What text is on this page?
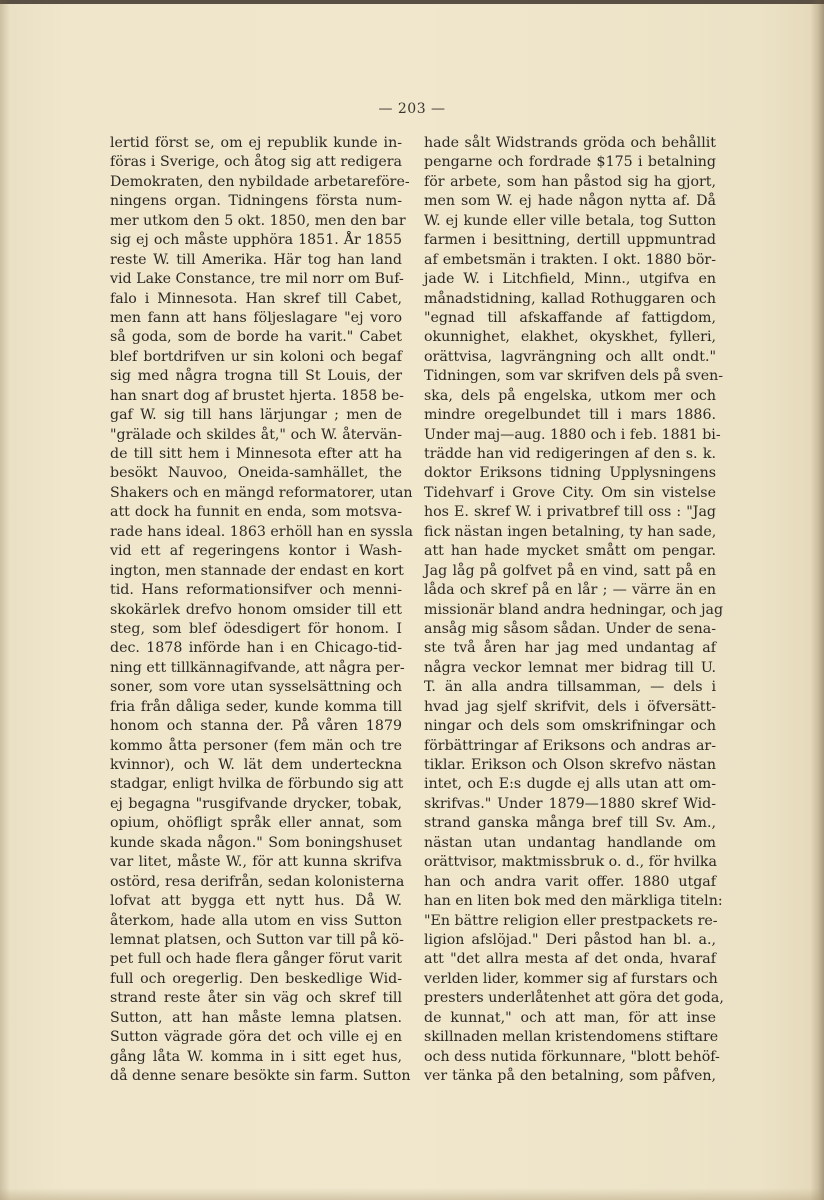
— 203 —
lertid först se, om ej republik kunde in-
föras i Sverige, och åtog sig att redigera
Demokraten, den nybildade arbetareföre-
ningens organ. Tidningens första num-
mer utkom den 5 okt. 1850, men den bar
sig ej och måste upphöra 1851. År 1855
reste W. till Amerika. Här tog han land
vid Lake Constance, tre mil norr om Buf-
falo i Minnesota. Han skref till Cabet,
men fann att hans följeslagare "ej voro
så goda, som de borde ha varit." Cabet
blef bortdrifven ur sin koloni och begaf
sig med några trogna till St Louis, der
han snart dog af brustet hjerta. 1858 be-
gaf W. sig till hans lärjungar ; men de
"grälade och skildes åt," och W. återvän-
de till sitt hem i Minnesota efter att ha
besökt Nauvoo, Oneida-samhället, the
Shakers och en mängd reformatorer, utan
att dock ha funnit en enda, som motsva-
rade hans ideal. 1863 erhöll han en syssla
vid ett af regeringens kontor i Wash-
ington, men stannade der endast en kort
tid. Hans reformationsifver och menni-
skokärlek drefvo honom omsider till ett
steg, som blef ödesdigert för honom. I
dec. 1878 införde han i en Chicago-tid-
ning ett tillkännagifvande, att några per-
soner, som vore utan sysselsättning och
fria från dåliga seder, kunde komma till
honom och stanna der. På våren 1879
kommo åtta personer (fem män och tre
kvinnor), och W. lät dem underteckna
stadgar, enligt hvilka de förbundo sig att
ej begagna "rusgifvande drycker, tobak,
opium, ohöfligt språk eller annat, som
kunde skada någon." Som boningshuset
var litet, måste W., för att kunna skrifva
ostörd, resa derifrån, sedan kolonisterna
lofvat att bygga ett nytt hus. Då W.
återkom, hade alla utom en viss Sutton
lemnat platsen, och Sutton var till på kö-
pet full och hade flera gånger förut varit
full och oregerlig. Den beskedlige Wid-
strand reste åter sin väg och skref till
Sutton, att han måste lemna platsen.
Sutton vägrade göra det och ville ej en
gång låta W. komma in i sitt eget hus,
då denne senare besökte sin farm. Sutton
hade sålt Widstrands gröda och behållit
pengarne och fordrade $175 i betalning
för arbete, som han påstod sig ha gjort,
men som W. ej hade någon nytta af. Då
W. ej kunde eller ville betala, tog Sutton
farmen i besittning, dertill uppmuntrad
af embetsmän i trakten. I okt. 1880 bör-
jade W. i Litchfield, Minn., utgifva en
månadstidning, kallad Rothuggaren och
"egnad till afskaffande af fattigdom,
okunnighet, elakhet, okyskhet, fylleri,
orättvisa, lagvrängning och allt ondt."
Tidningen, som var skrifven dels på sven-
ska, dels på engelska, utkom mer och
mindre oregelbundet till i mars 1886.
Under maj—aug. 1880 och i feb. 1881 bi-
trädde han vid redigeringen af den s. k.
doktor Eriksons tidning Upplysningens
Tidehvarf i Grove City. Om sin vistelse
hos E. skref W. i privatbref till oss : "Jag
fick nästan ingen betalning, ty han sade,
att han hade mycket smått om pengar.
Jag låg på golfvet på en vind, satt på en
låda och skref på en lår ; — värre än en
missionär bland andra hedningar, och jag
ansåg mig såsom sådan. Under de sena-
ste två åren har jag med undantag af
några veckor lemnat mer bidrag till U.
T. än alla andra tillsamman, — dels i
hvad jag sjelf skrifvit, dels i öfversätt-
ningar och dels som omskrifningar och
förbättringar af Eriksons och andras ar-
tiklar. Erikson och Olson skrefvo nästan
intet, och E:s dugde ej alls utan att om-
skrifvas." Under 1879—1880 skref Wid-
strand ganska många bref till Sv. Am.,
nästan utan undantag handlande om
orättvisor, maktmissbruk o. d., för hvilka
han och andra varit offer. 1880 utgaf
han en liten bok med den märkliga titeln:
"En bättre religion eller prestpackets re-
ligion afslöjad." Deri påstod han bl. a.,
att "det allra mesta af det onda, hvaraf
verlden lider, kommer sig af furstars och
presters underlåtenhet att göra det goda,
de kunnat," och att man, för att inse
skillnaden mellan kristendomens stiftare
och dess nutida förkunnare, "blott behöf-
ver tänka på den betalning, som påfven,
